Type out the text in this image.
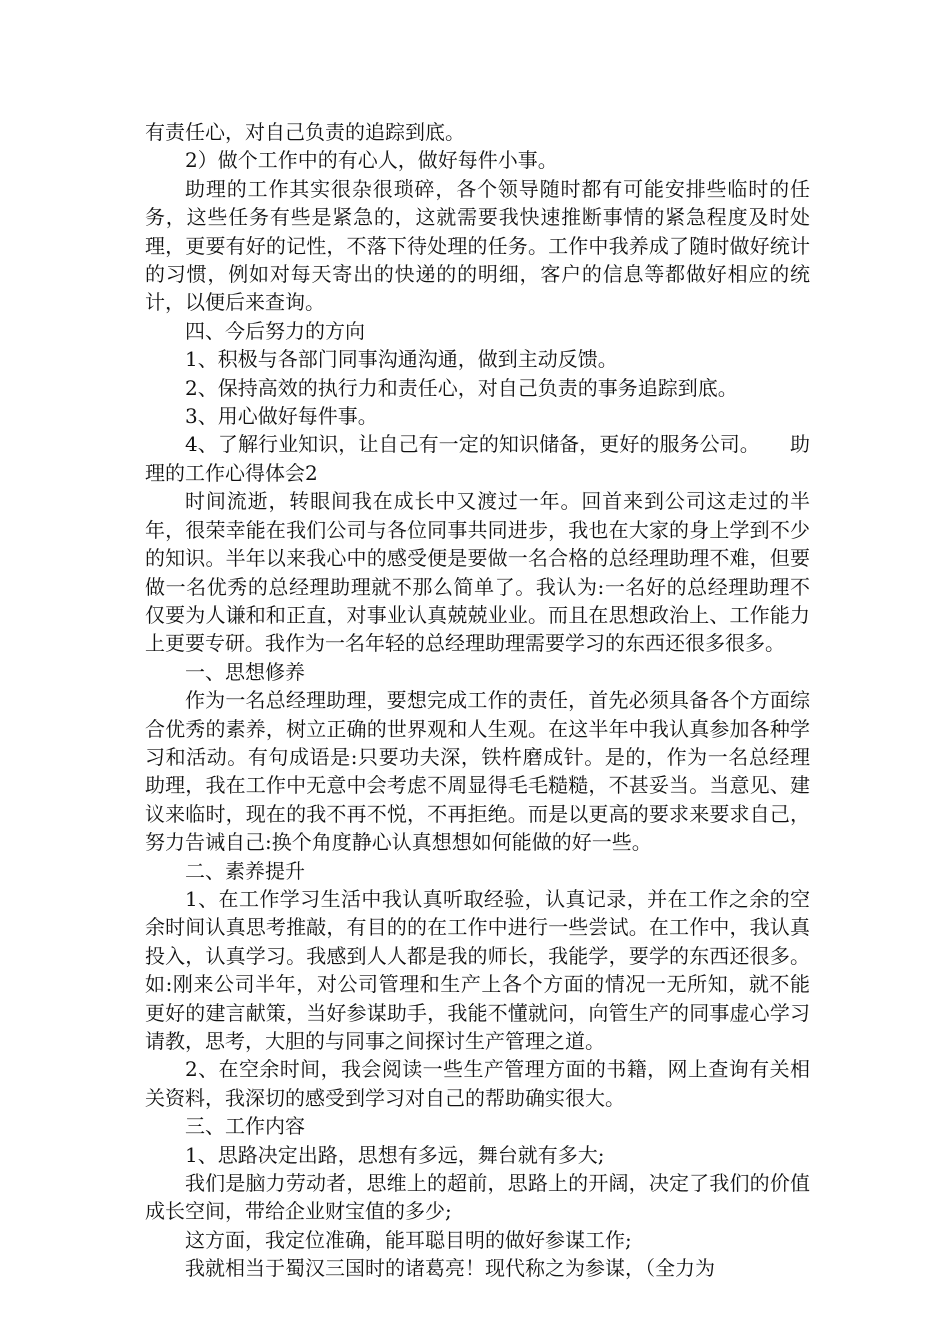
有责任心，对自己负责的追踪到底。

2）做个工作中的有心人，做好每件小事。

助理的工作其实很杂很琐碎，各个领导随时都有可能安排些临时的任务，这些任务有些是紧急的，这就需要我快速推断事情的紧急程度及时处理，更要有好的记性，不落下待处理的任务。工作中我养成了随时做好统计的习惯，例如对每天寄出的快递的的明细，客户的信息等都做好相应的统计，以便后来查询。

四、今后努力的方向

1、积极与各部门同事沟通沟通，做到主动反馈。

2、保持高效的执行力和责任心，对自己负责的事务追踪到底。

3、用心做好每件事。

4、了解行业知识，让自己有一定的知识储备，更好的服务公司。　　助理的工作心得体会2

时间流逝，转眼间我在成长中又渡过一年。回首来到公司这走过的半年，很荣幸能在我们公司与各位同事共同进步，我也在大家的身上学到不少的知识。半年以来我心中的感受便是要做一名合格的总经理助理不难，但要做一名优秀的总经理助理就不那么简单了。我认为:一名好的总经理助理不仅要为人谦和和正直，对事业认真兢兢业业。而且在思想政治上、工作能力上更要专研。我作为一名年轻的总经理助理需要学习的东西还很多很多。

一、思想修养

作为一名总经理助理，要想完成工作的责任，首先必须具备各个方面综合优秀的素养，树立正确的世界观和人生观。在这半年中我认真参加各种学习和活动。有句成语是:只要功夫深，铁杵磨成针。是的，作为一名总经理助理，我在工作中无意中会考虑不周显得毛毛糙糙，不甚妥当。当意见、建议来临时，现在的我不再不悦，不再拒绝。而是以更高的要求来要求自己，努力告诫自己:换个角度静心认真想想如何能做的好一些。

二、素养提升

1、在工作学习生活中我认真听取经验，认真记录，并在工作之余的空余时间认真思考推敲，有目的的在工作中进行一些尝试。在工作中，我认真投入，认真学习。我感到人人都是我的师长，我能学，要学的东西还很多。如:刚来公司半年，对公司管理和生产上各个方面的情况一无所知，就不能更好的建言献策，当好参谋助手，我能不懂就问，向管生产的同事虚心学习请教，思考，大胆的与同事之间探讨生产管理之道。

2、在空余时间，我会阅读一些生产管理方面的书籍，网上查询有关相关资料，我深切的感受到学习对自己的帮助确实很大。

三、工作内容

1、思路决定出路，思想有多远，舞台就有多大;

我们是脑力劳动者，思维上的超前，思路上的开阔，决定了我们的价值成长空间，带给企业财宝值的多少;

这方面，我定位准确，能耳聪目明的做好参谋工作;

我就相当于蜀汉三国时的诸葛亮！现代称之为参谋，（全力为
